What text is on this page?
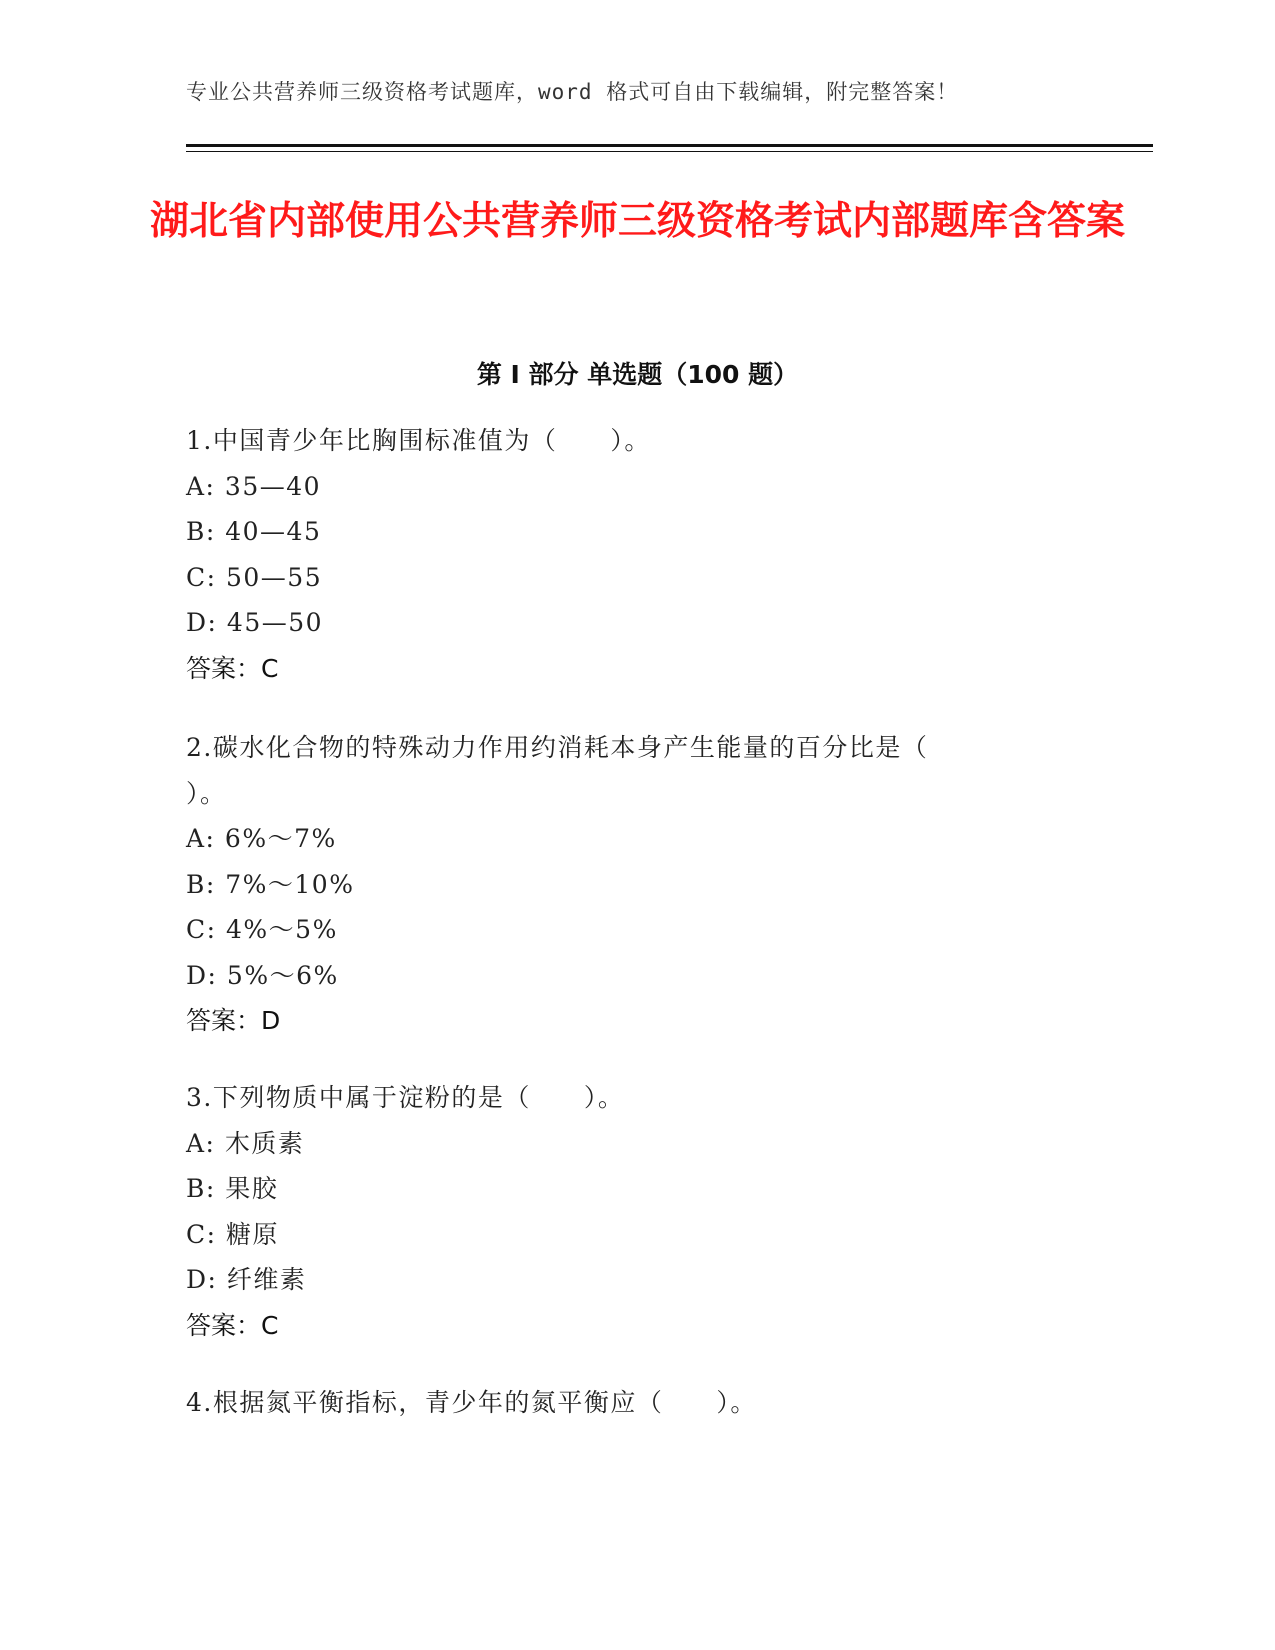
专业公共营养师三级资格考试题库，word 格式可自由下载编辑，附完整答案！
湖北省内部使用公共营养师三级资格考试内部题库含答案
第 I 部分 单选题（100 题）
1.中国青少年比胸围标准值为（　　）。
A: 35—40
B: 40—45
C: 50—55
D: 45—50
答案：C
2.碳水化合物的特殊动力作用约消耗本身产生能量的百分比是（　　）。
A: 6%～7%
B: 7%～10%
C: 4%～5%
D: 5%～6%
答案：D
3.下列物质中属于淀粉的是（　　）。
A: 木质素
B: 果胶
C: 糖原
D: 纤维素
答案：C
4.根据氮平衡指标，青少年的氮平衡应（　　）。
